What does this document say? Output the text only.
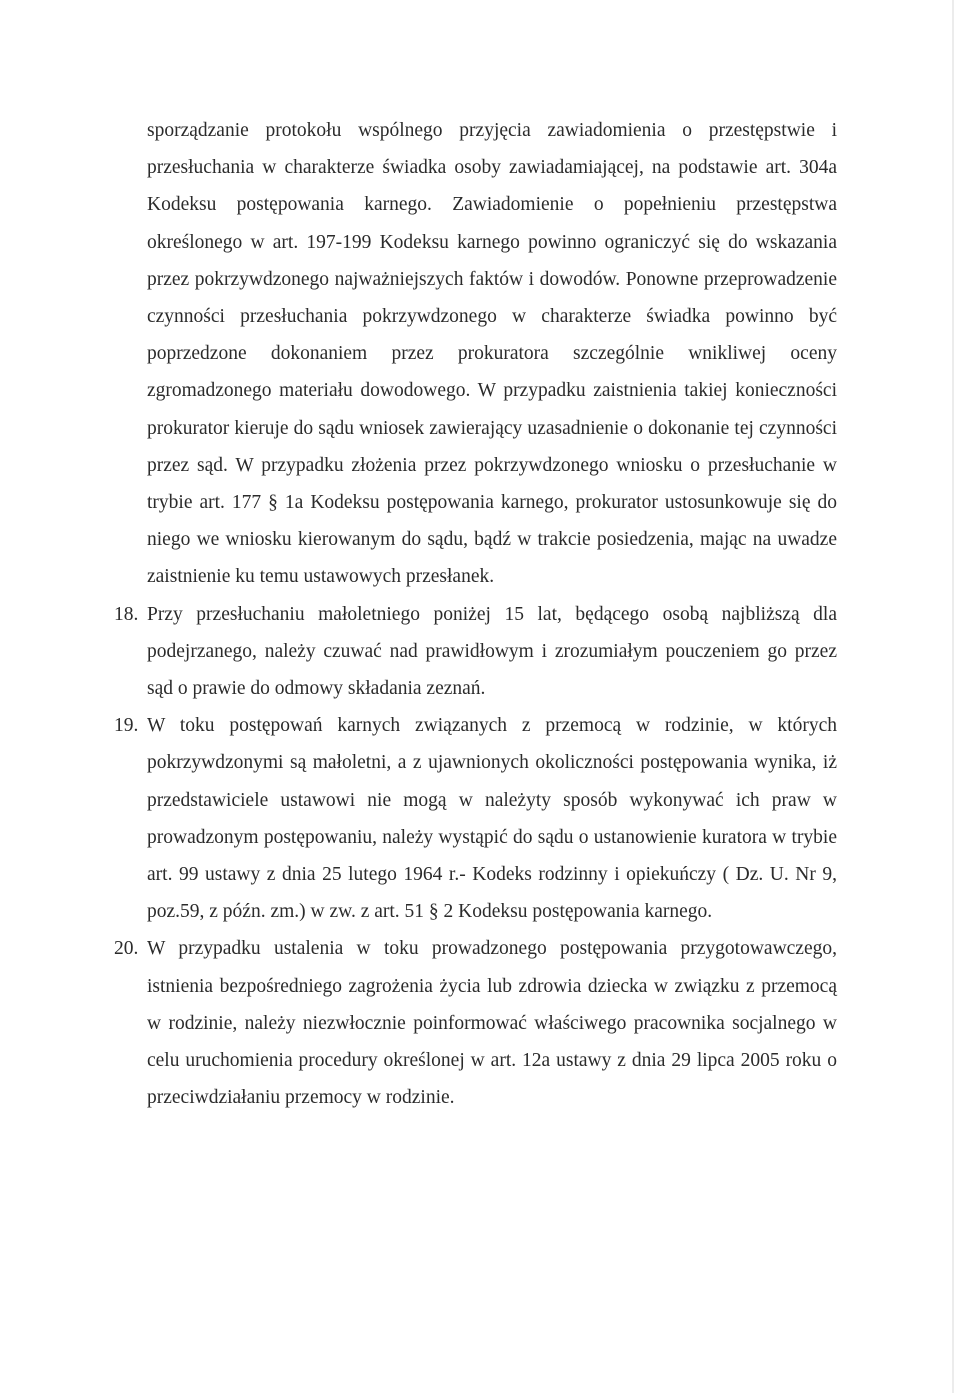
sporządzanie protokołu wspólnego przyjęcia zawiadomienia o przestępstwie i przesłuchania w charakterze świadka osoby zawiadamiającej, na podstawie art. 304a Kodeksu postępowania karnego. Zawiadomienie o popełnieniu przestępstwa określonego w art. 197-199 Kodeksu karnego powinno ograniczyć się do wskazania przez pokrzywdzonego najważniejszych faktów i dowodów. Ponowne przeprowadzenie czynności przesłuchania pokrzywdzonego w charakterze świadka powinno być poprzedzone dokonaniem przez prokuratora szczególnie wnikliwej oceny zgromadzonego materiału dowodowego. W przypadku zaistnienia takiej konieczności prokurator kieruje do sądu wniosek zawierający uzasadnienie o dokonanie tej czynności przez sąd. W przypadku złożenia przez pokrzywdzonego wniosku o przesłuchanie w trybie art. 177 § 1a Kodeksu postępowania karnego, prokurator ustosunkowuje się do niego we wniosku kierowanym do sądu, bądź w trakcie posiedzenia, mając na uwadze zaistnienie ku temu ustawowych przesłanek.

18. Przy przesłuchaniu małoletniego poniżej 15 lat, będącego osobą najbliższą dla podejrzanego, należy czuwać nad prawidłowym i zrozumiałym pouczeniem go przez sąd o prawie do odmowy składania zeznań.

19. W toku postępowań karnych związanych z przemocą w rodzinie, w których pokrzywdzonymi są małoletni, a z ujawnionych okoliczności postępowania wynika, iż przedstawiciele ustawowi nie mogą w należyty sposób wykonywać ich praw w prowadzonym postępowaniu, należy wystąpić do sądu o ustanowienie kuratora w trybie art. 99 ustawy z dnia 25 lutego 1964 r.- Kodeks rodzinny i opiekuńczy ( Dz. U. Nr 9, poz.59, z późn. zm.) w zw. z art. 51 § 2 Kodeksu postępowania karnego.

20. W przypadku ustalenia w toku prowadzonego postępowania przygotowawczego, istnienia bezpośredniego zagrożenia życia lub zdrowia dziecka w związku z przemocą w rodzinie, należy niezwłocznie poinformować właściwego pracownika socjalnego w celu uruchomienia procedury określonej w art. 12a ustawy z dnia 29 lipca 2005 roku o przeciwdziałaniu przemocy w rodzinie.
